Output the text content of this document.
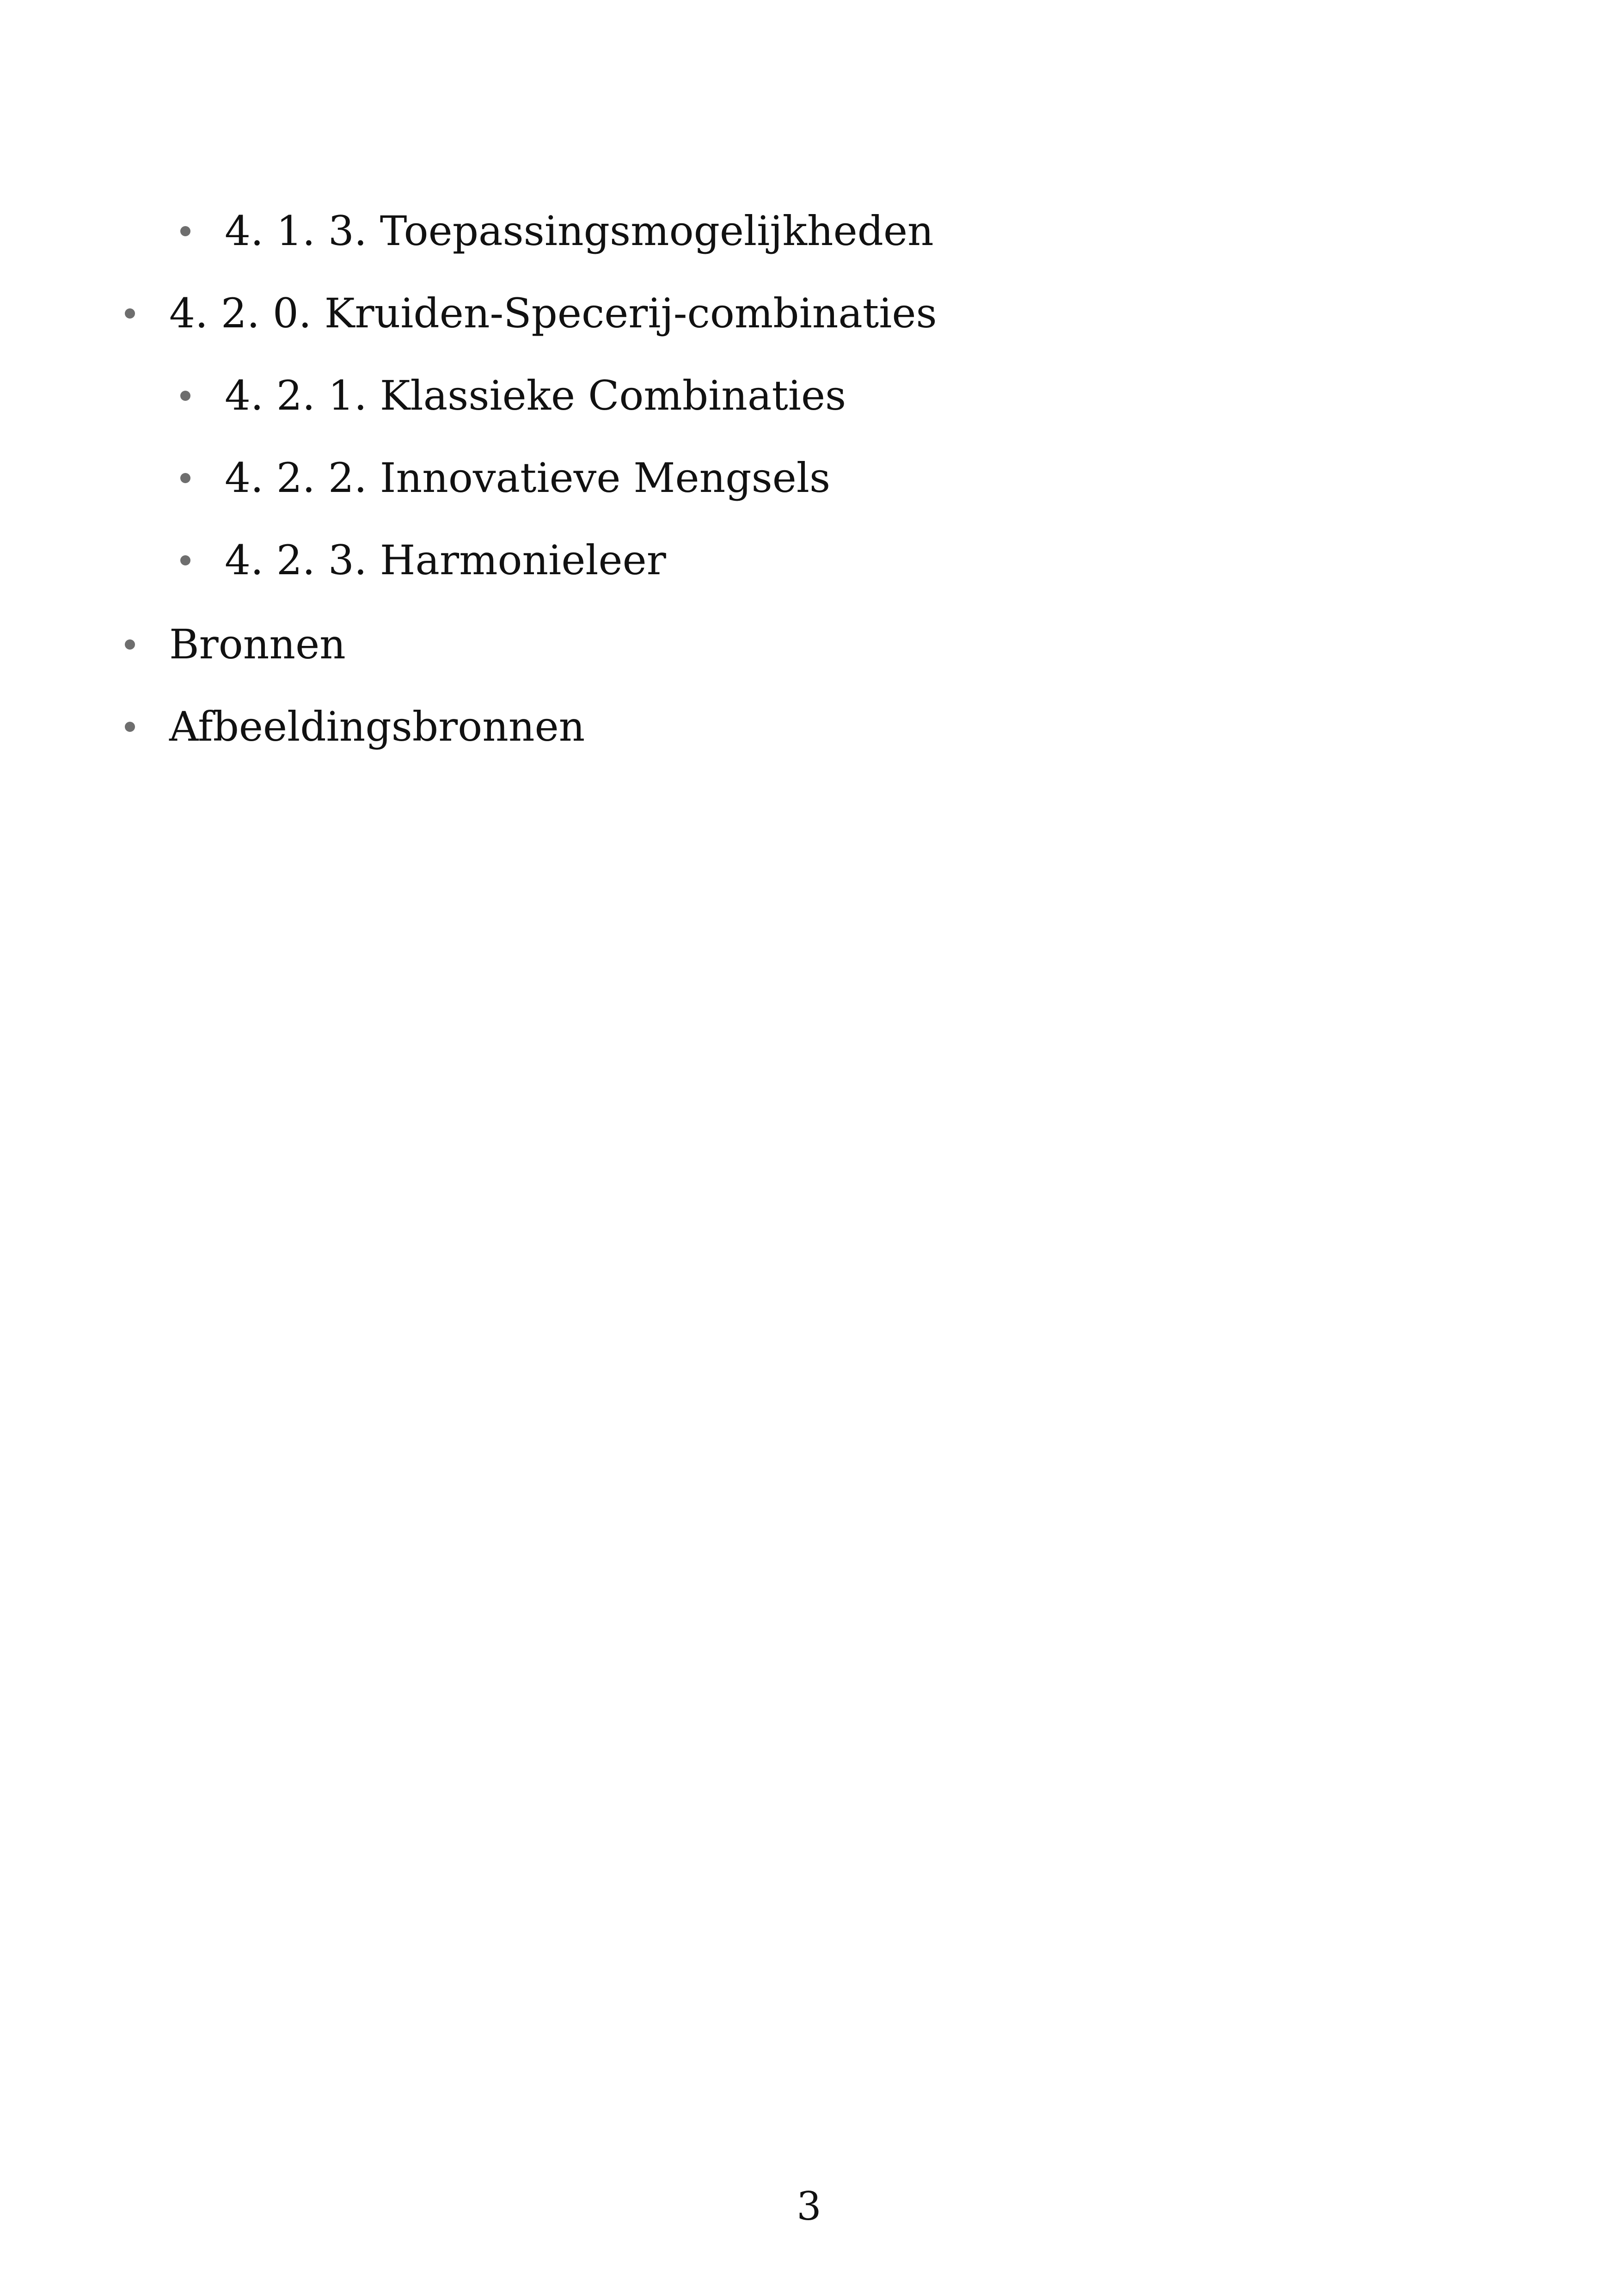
4. 1. 3. Toepassingsmogelijkheden
4. 2. 0. Kruiden-Specerij-combinaties
4. 2. 1. Klassieke Combinaties
4. 2. 2. Innovatieve Mengsels
4. 2. 3. Harmonieleer
Bronnen
Afbeeldingsbronnen
3
